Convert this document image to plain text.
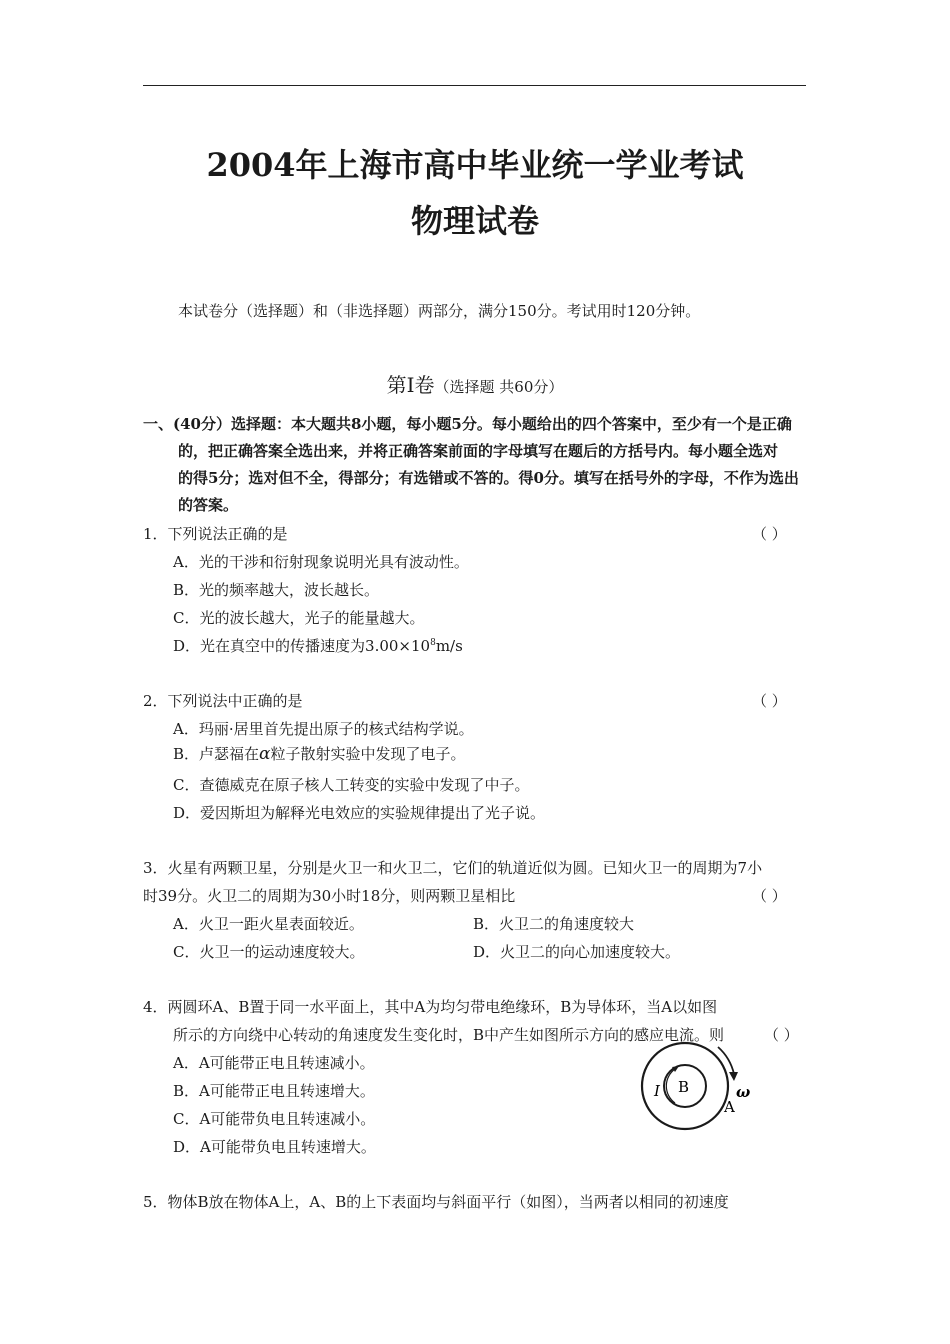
2004年上海市高中毕业统一学业考试
物理试卷
本试卷分（选择题）和（非选择题）两部分，满分150分。考试用时120分钟。
第Ⅰ卷（选择题 共60分）

一、(40分）选择题：本大题共8小题，每小题5分。每小题给出的四个答案中，至少有一个是正确

的，把正确答案全选出来，并将正确答案前面的字母填写在题后的方括号内。每小题全选对

的得5分；选对但不全，得部分；有选错或不答的。得0分。填写在括号外的字母，不作为选出

的答案。

1．下列说法正确的是	（ ）
A．光的干涉和衍射现象说明光具有波动性。
B．光的频率越大，波长越长。
C．光的波长越大，光子的能量越大。
D．光在真空中的传播速度为$3.00\times 10^8m/s$
2．下列说法中正确的是	（ ）
A．玛丽·居里首先提出原子的核式结构学说。
B．卢瑟福在α粒子散射实验中发现了电子。
C．查德威克在原子核人工转变的实验中发现了中子。
D．爱因斯坦为解释光电效应的实验规律提出了光子说。
3．火星有两颗卫星，分别是火卫一和火卫二，它们的轨道近似为圆。已知火卫一的周期为7小
时39分。火卫二的周期为30小时18分，则两颗卫星相比	（ ）
A．火卫一距火星表面较近。	B．火卫二的角速度较大
C．火卫一的运动速度较大。	D．火卫二的向心加速度较大。
4．两圆环A、B置于同一水平面上，其中A为均匀带电绝缘环，B为导体环，当A以如图
所示的方向绕中心转动的角速度发生变化时，B中产生如图所示方向的感应电流。则	（ ）
A．A可能带正电且转速减小。
B．A可能带正电且转速增大。
C．A可能带负电且转速减小。
D．A可能带负电且转速增大。
I B	ω
A
5．物体B放在物体A上，A、B的上下表面均与斜面平行（如图），当两者以相同的初速度
